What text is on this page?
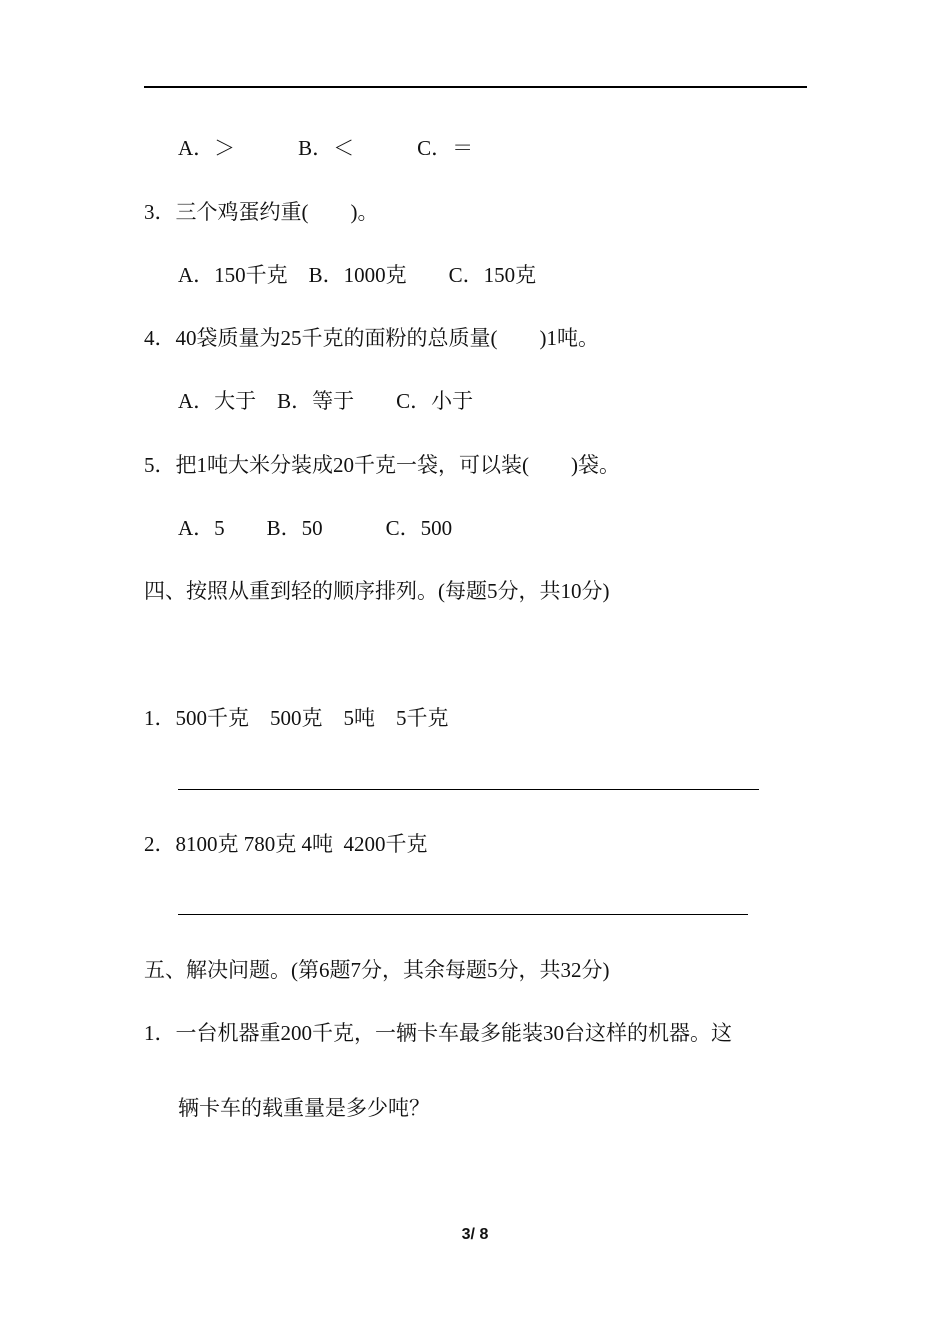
A．＞　　　B．＜　　　C．＝
3．三个鸡蛋约重(　　)。
A．150千克　B．1000克　　C．150克
4．40袋质量为25千克的面粉的总质量(　　)1吨。
A．大于　B．等于　　C．小于
5．把1吨大米分装成20千克一袋，可以装(　　)袋。
A．5　　B．50　　　C．500
四、按照从重到轻的顺序排列。(每题5分，共10分)
1．500千克　500克　5吨　5千克
2．8100克 780克 4吨  4200千克
五、解决问题。(第6题7分，其余每题5分，共32分)
1．一台机器重200千克，一辆卡车最多能装30台这样的机器。这
辆卡车的载重量是多少吨？
3/ 8
